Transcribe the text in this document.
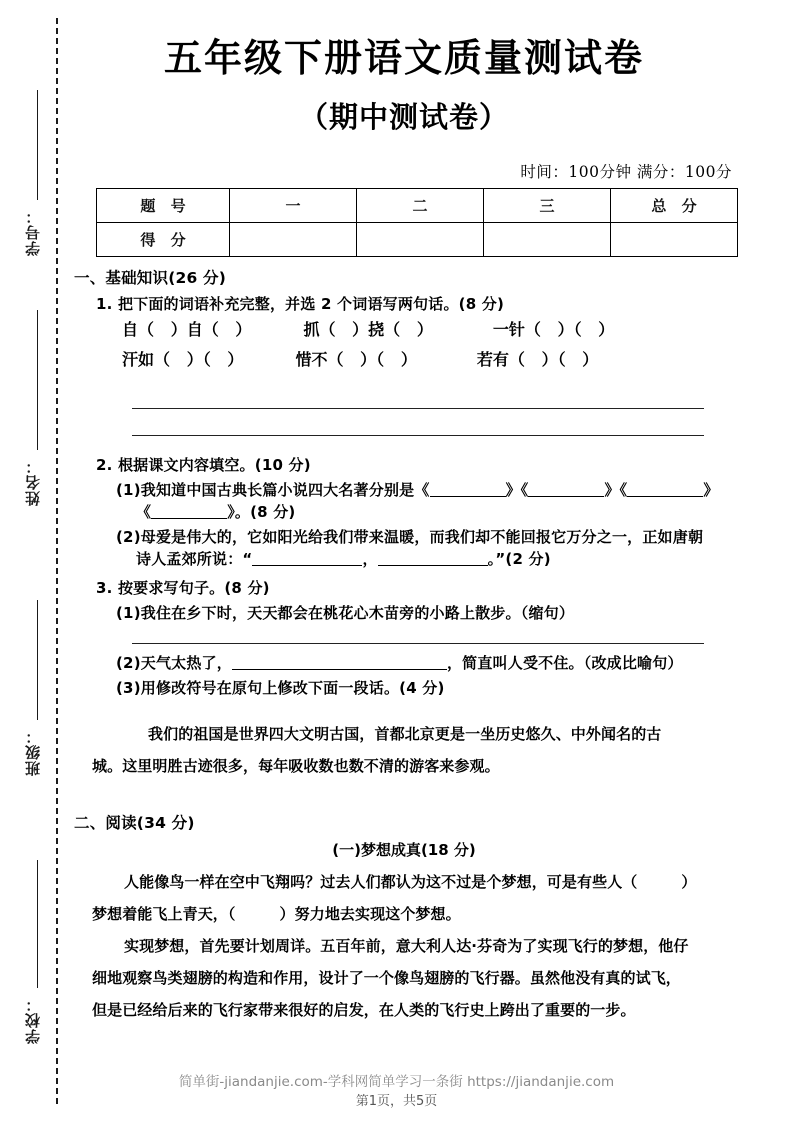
学号：
姓名：
班级：
学校：
五年级下册语文质量测试卷
（期中测试卷）
时间：100分钟 满分：100分
题 号	一	二	三	总 分
得 分				
一、基础知识(26 分)
1. 把下面的词语补充完整，并选 2 个词语写两句话。(8 分)
自（   ）自（   ）	抓（   ）挠（   ）	一针（   ）（   ）
汗如（   ）（   ）	惜不（   ）（   ）	若有（   ）（   ）
2. 根据课文内容填空。(10 分)
(1)我知道中国古典长篇小说四大名著分别是《	》《	》《	》
《	》。(8 分)
(2)母爱是伟大的，它如阳光给我们带来温暖，而我们却不能回报它万分之一，正如唐朝
诗人孟郊所说：“	，	。”(2 分)
3. 按要求写句子。(8 分)
(1)我住在乡下时，天天都会在桃花心木苗旁的小路上散步。（缩句）
(2)天气太热了，	，简直叫人受不住。（改成比喻句）
(3)用修改符号在原句上修改下面一段话。(4 分)
我们的祖国是世界四大文明古国，首都北京更是一坐历史悠久、中外闻名的古
城。这里明胜古迹很多，每年吸收数也数不清的游客来参观。
二、阅读(34 分)
(一)梦想成真(18 分)
人能像鸟一样在空中飞翔吗？过去人们都认为这不过是个梦想，可是有些人（	）
梦想着能飞上青天，（	）努力地去实现这个梦想。
实现梦想，首先要计划周详。五百年前，意大利人达·芬奇为了实现飞行的梦想，他仔
细地观察鸟类翅膀的构造和作用，设计了一个像鸟翅膀的飞行器。虽然他没有真的试飞，
但是已经给后来的飞行家带来很好的启发，在人类的飞行史上跨出了重要的一步。
简单街-jiandanjie.com-学科网简单学习一条街 https://jiandanjie.com
第1页，共5页
